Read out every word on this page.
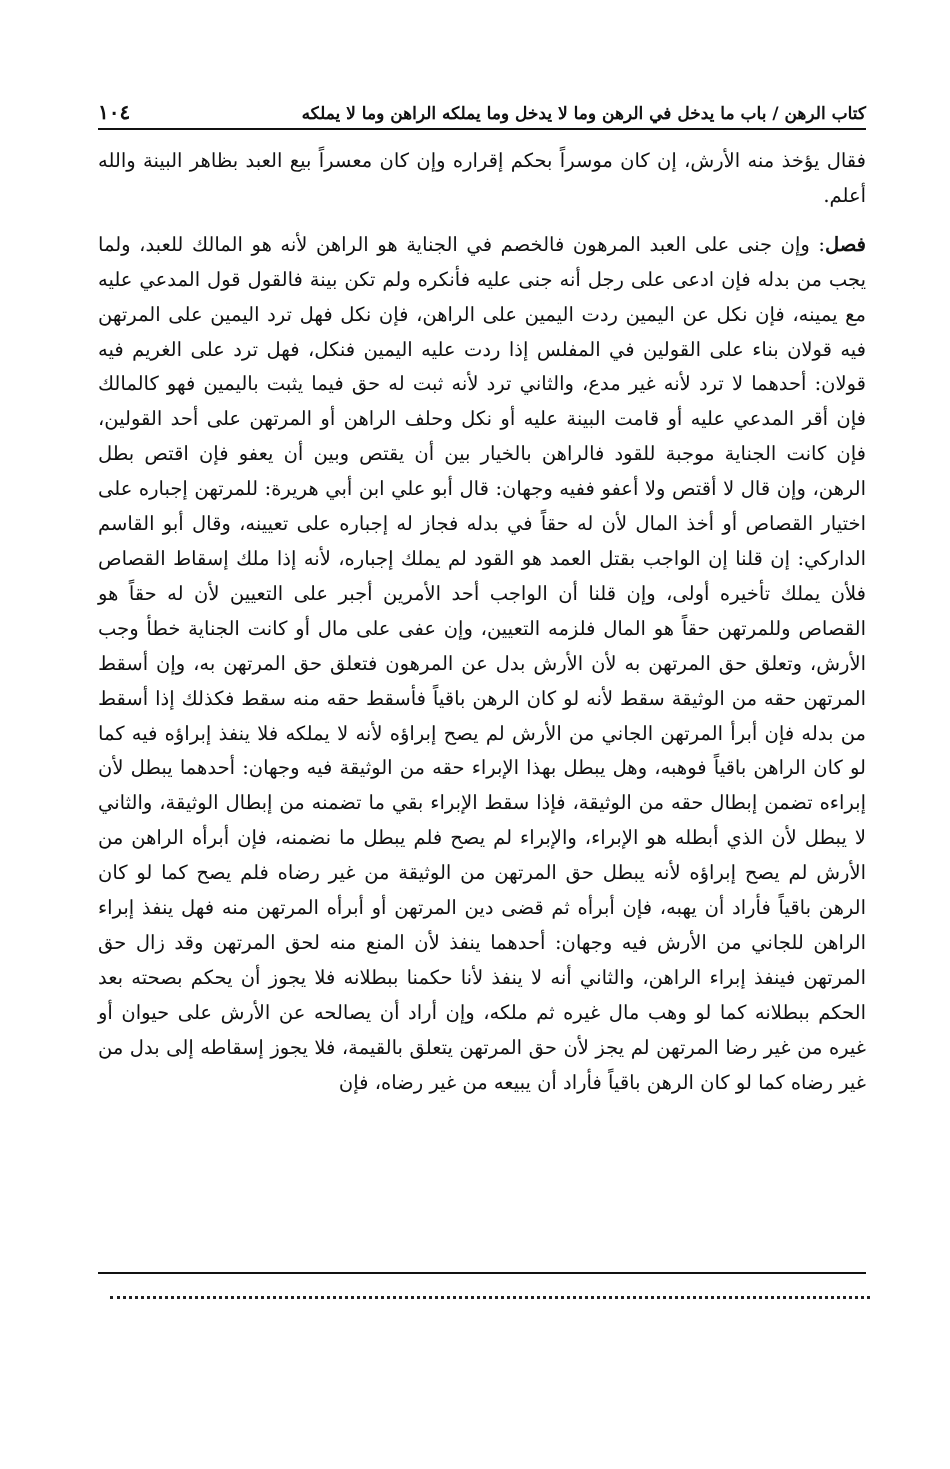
١٠٤	كتاب الرهن / باب ما يدخل في الرهن وما لا يدخل وما يملكه الراهن وما لا يملكه

فقال يؤخذ منه الأرش، إن كان موسراً بحكم إقراره وإن كان معسراً بيع العبد بظاهر البينة والله أعلم.

فصل: وإن جنى على العبد المرهون فالخصم في الجناية هو الراهن لأنه هو المالك للعبد، ولما يجب من بدله فإن ادعى على رجل أنه جنى عليه فأنكره ولم تكن بينة فالقول قول المدعي عليه مع يمينه، فإن نكل عن اليمين ردت اليمين على الراهن، فإن نكل فهل ترد اليمين على المرتهن فيه قولان بناء على القولين في المفلس إذا ردت عليه اليمين فنكل، فهل ترد على الغريم فيه قولان: أحدهما لا ترد لأنه غير مدع، والثاني ترد لأنه ثبت له حق فيما يثبت باليمين فهو كالمالك فإن أقر المدعي عليه أو قامت البينة عليه أو نكل وحلف الراهن أو المرتهن على أحد القولين، فإن كانت الجناية موجبة للقود فالراهن بالخيار بين أن يقتص وبين أن يعفو فإن اقتص بطل الرهن، وإن قال لا أقتص ولا أعفو ففيه وجهان: قال أبو علي ابن أبي هريرة: للمرتهن إجباره على اختيار القصاص أو أخذ المال لأن له حقاً في بدله فجاز له إجباره على تعيينه، وقال أبو القاسم الداركي: إن قلنا إن الواجب بقتل العمد هو القود لم يملك إجباره، لأنه إذا ملك إسقاط القصاص فلأن يملك تأخيره أولى، وإن قلنا أن الواجب أحد الأمرين أجبر على التعيين لأن له حقاً هو القصاص وللمرتهن حقاً هو المال فلزمه التعيين، وإن عفى على مال أو كانت الجناية خطأ وجب الأرش، وتعلق حق المرتهن به لأن الأرش بدل عن المرهون فتعلق حق المرتهن به، وإن أسقط المرتهن حقه من الوثيقة سقط لأنه لو كان الرهن باقياً فأسقط حقه منه سقط فكذلك إذا أسقط من بدله فإن أبرأ المرتهن الجاني من الأرش لم يصح إبراؤه لأنه لا يملكه فلا ينفذ إبراؤه فيه كما لو كان الراهن باقياً فوهبه، وهل يبطل بهذا الإبراء حقه من الوثيقة فيه وجهان: أحدهما يبطل لأن إبراءه تضمن إبطال حقه من الوثيقة، فإذا سقط الإبراء بقي ما تضمنه من إبطال الوثيقة، والثاني لا يبطل لأن الذي أبطله هو الإبراء، والإبراء لم يصح فلم يبطل ما نضمنه، فإن أبرأه الراهن من الأرش لم يصح إبراؤه لأنه يبطل حق المرتهن من الوثيقة من غير رضاه فلم يصح كما لو كان الرهن باقياً فأراد أن يهبه، فإن أبرأه ثم قضى دين المرتهن أو أبرأه المرتهن منه فهل ينفذ إبراء الراهن للجاني من الأرش فيه وجهان: أحدهما ينفذ لأن المنع منه لحق المرتهن وقد زال حق المرتهن فينفذ إبراء الراهن، والثاني أنه لا ينفذ لأنا حكمنا ببطلانه فلا يجوز أن يحكم بصحته بعد الحكم ببطلانه كما لو وهب مال غيره ثم ملكه، وإن أراد أن يصالحه عن الأرش على حيوان أو غيره من غير رضا المرتهن لم يجز لأن حق المرتهن يتعلق بالقيمة، فلا يجوز إسقاطه إلى بدل من غير رضاه كما لو كان الرهن باقياً فأراد أن يبيعه من غير رضاه، فإن
